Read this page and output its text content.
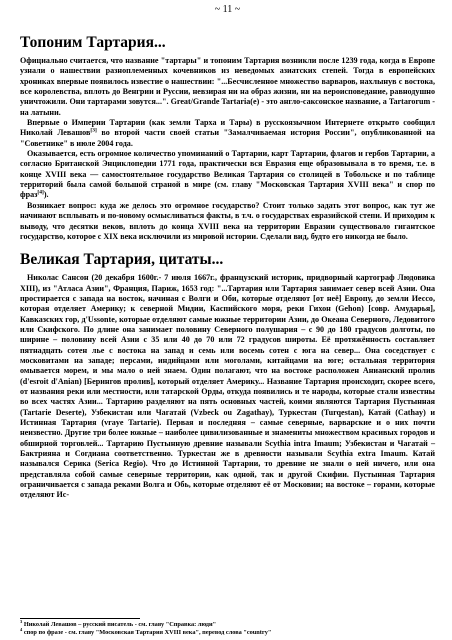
~ 11 ~
Топоним Тартария...

Официально считается, что название "тартары" и топоним Тартария возникли после 1239 года, когда в Европе узнали о нашествии разноплеменных кочевников из неведомых азиатских степей. Тогда в европейских хрониках впервые появилось известие о нашествии: "...Бесчисленное множество варваров, нахлынув с востока, все королевства, вплоть до Венгрии и Руссии, невзирая ни на образ жизни, ни на вероисповедание, равнодушно уничтожили. Они тартарами зовутся...". Great/Grande Tartaria(е) - это англо-саксонское название, а Tartarorum - на латыни.

Впервые о Империи Тартарии (как земли Тарха и Тары) в русскоязычном Интернете открыто сообщил Николай Левашов[3] во второй части своей статьи "Замалчиваемая история России", опубликованной на "Советнике" в июле 2004 года.

Оказывается, есть огромное количество упоминаний о Тартарии, карт Тартарии, флагов и гербов Тартарии, а согласно Британской Энциклопедии 1771 года, практически вся Евразия еще образовывала в то время, т.е. в конце XVIII века — самостоятельное государство Великая Тартария со столицей в Тобольске и по таблице территорий была самой большой страной в мире (см. главу "Московская Тартария XVIII века" и спор по фраз[4]).

Возникает вопрос: куда же делось это огромное государство? Стоит только задать этот вопрос, как тут же начинают всплывать и по-новому осмысливаться факты, в т.ч. о государствах евразийской степи. И приходим к выводу, что десятки веков, вплоть до конца XVIII века на территории Евразии существовало гигантское государство, которое с XIX века исключили из мировой истории. Сделали вид, будто его никогда не было.

Великая Тартария, цитаты...

Николас Сансон (20 декабря 1600г.- 7 июля 1667г., французский историк, придворный картограф Людовика XIII), из "Атласа Азии", Франция, Париж, 1653 год: "...Тартария или Тартария занимает север всей Азии. Она простирается с запада на восток, начиная с Волги и Оби, которые отделяют [от неё] Европу, до земли Иессо, которая отделяет Америку; к северной Мидии, Каспийского моря, реки Гихон (Gehon) [совр. Амударья], Кавказских гор, д'Ussonte, которые отделяют самые южные территории Азии, до Океана Северного, Ледовитого или Скифского. По длине она занимает половину Северного полушария – с 90 до 180 градусов долготы, по ширине – половину всей Азии с 35 или 40 до 70 или 72 градусов широты. Её протяжённость составляет пятнадцать сотен лье с востока на запад и семь или восемь сотен с юга на север... Она соседствует с московитами на западе; персами, индийцами или моголами, китайцами на юге; остальная территория омывается морем, и мы мало о ней знаем. Один полагают, что на востоке расположен Анианский пролив (d'esroit d'Anian) [Берингов пролив], который отделяет Америку... Название Тартария происходит, скорее всего, от названия реки или местности, или татарской Орды, откуда появились и те народы, которые стали известны во всех частях Азии... Тартарию разделяют на пять основных частей, коими являются Тартария Пустынная (Tartarie Deserte), Узбекистан или Чагатай (Vzbeck ou Zagathay), Туркестан (Turqestan), Катай (Cathay) и Истинная Тартария (vraye Tartarie). Первая и последняя – самые северные, варварские и о них почти неизвестно. Другие три более южные – наиболее цивилизованные и знамениты множеством красивых городов и обширной торговлей... Тартарию Пустынную древние называли Scythia intra Imaum; Узбекистан и Чагатай – Бактрияна и Согдиана соответственно. Туркестан же в древности называли Scythia extra Imaum. Катай назывался Серика (Serica Regio). Что до Истинной Тартарии, то древние не знали о ней ничего, или она представляла собой самые северные территории, как одной, так и другой Скифии. Пустынная Тартария ограничивается с запада реками Волга и Обь, которые отделяют её от Московии; на востоке – горами, которые отделяют Ис-

$^3$ Николай Левашов – русский писатель - см. главу "Справка: люди"

$^4$ спор по фразе - см. главу "Московская Тартария XVIII века", перевод слова "country"
